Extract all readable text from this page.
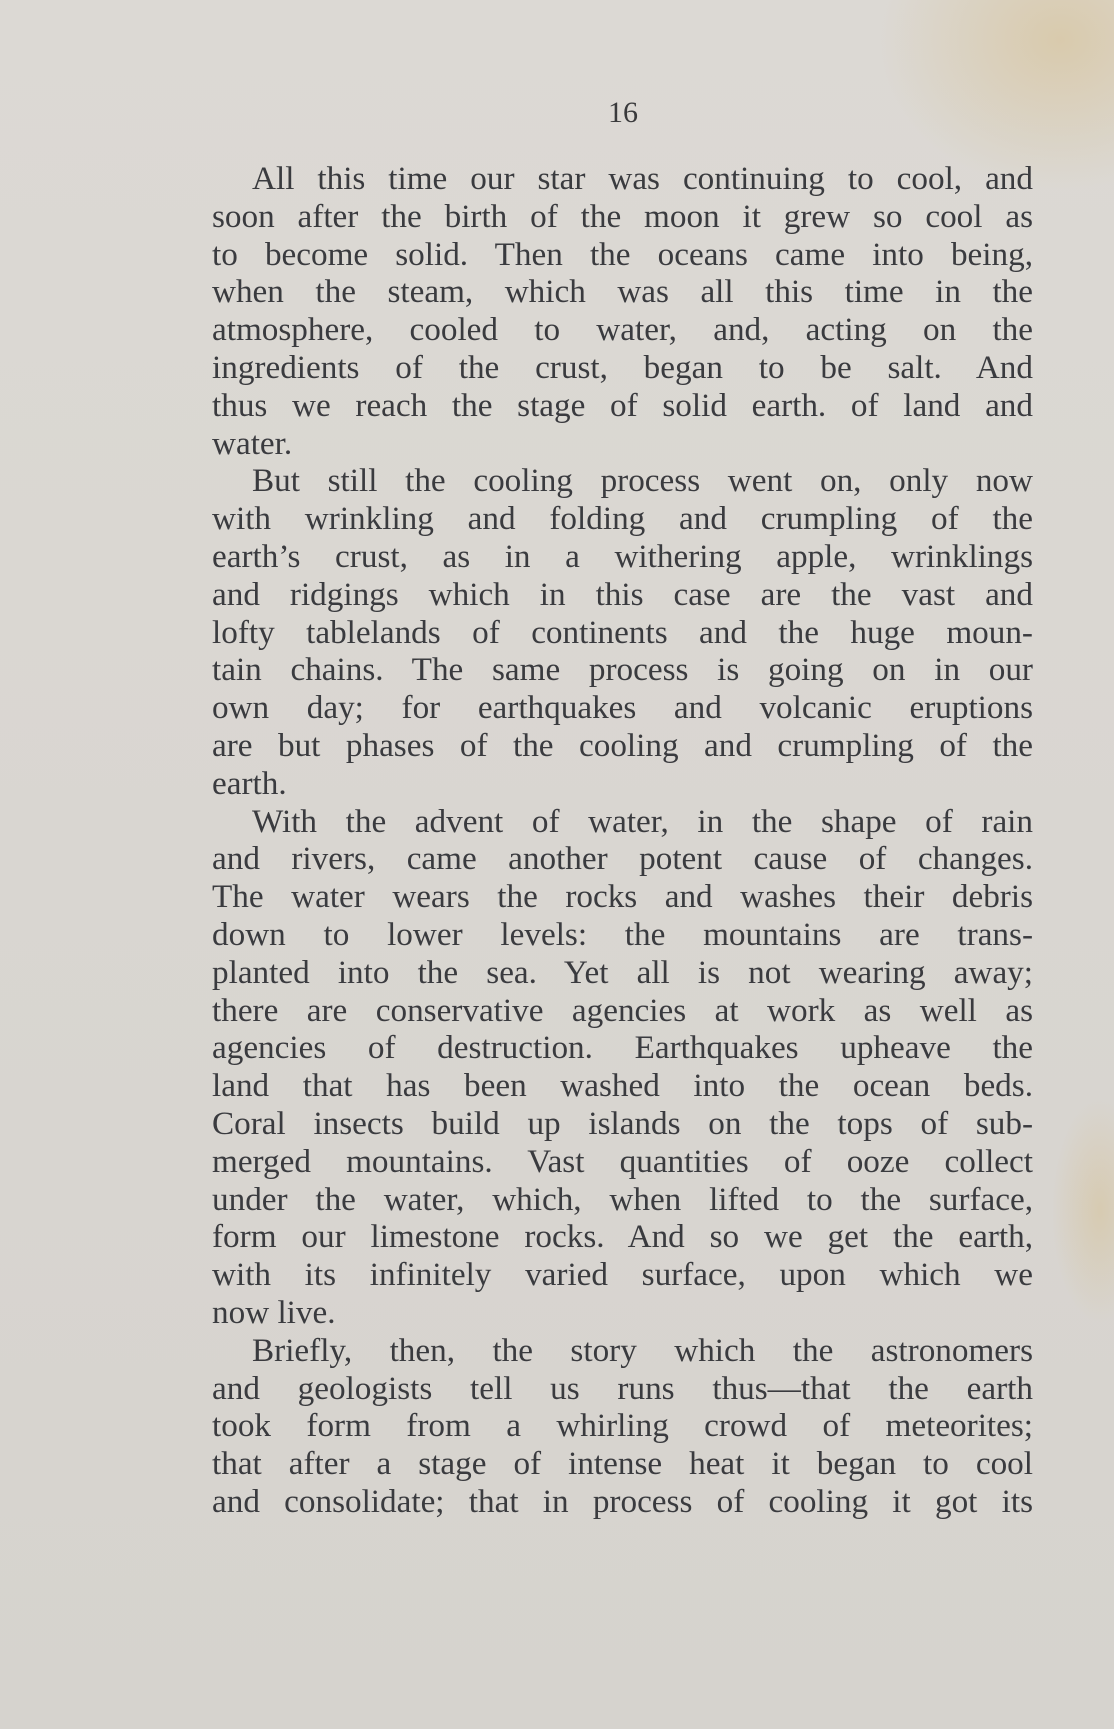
16

All this time our star was continuing to cool, and
soon after the birth of the moon it grew so cool as
to become solid. Then the oceans came into being,
when the steam, which was all this time in the
atmosphere, cooled to water, and, acting on the
ingredients of the crust, began to be salt. And
thus we reach the stage of solid earth. of land and
water.
But still the cooling process went on, only now
with wrinkling and folding and crumpling of the
earth’s crust, as in a withering apple, wrinklings
and ridgings which in this case are the vast and
lofty tablelands of continents and the huge moun-
tain chains. The same process is going on in our
own day; for earthquakes and volcanic eruptions
are but phases of the cooling and crumpling of the
earth.
With the advent of water, in the shape of rain
and rivers, came another potent cause of changes.
The water wears the rocks and washes their debris
down to lower levels: the mountains are trans-
planted into the sea. Yet all is not wearing away;
there are conservative agencies at work as well as
agencies of destruction. Earthquakes upheave the
land that has been washed into the ocean beds.
Coral insects build up islands on the tops of sub-
merged mountains. Vast quantities of ooze collect
under the water, which, when lifted to the surface,
form our limestone rocks. And so we get the earth,
with its infinitely varied surface, upon which we
now live.
Briefly, then, the story which the astronomers
and geologists tell us runs thus—that the earth
took form from a whirling crowd of meteorites;
that after a stage of intense heat it began to cool
and consolidate; that in process of cooling it got its
